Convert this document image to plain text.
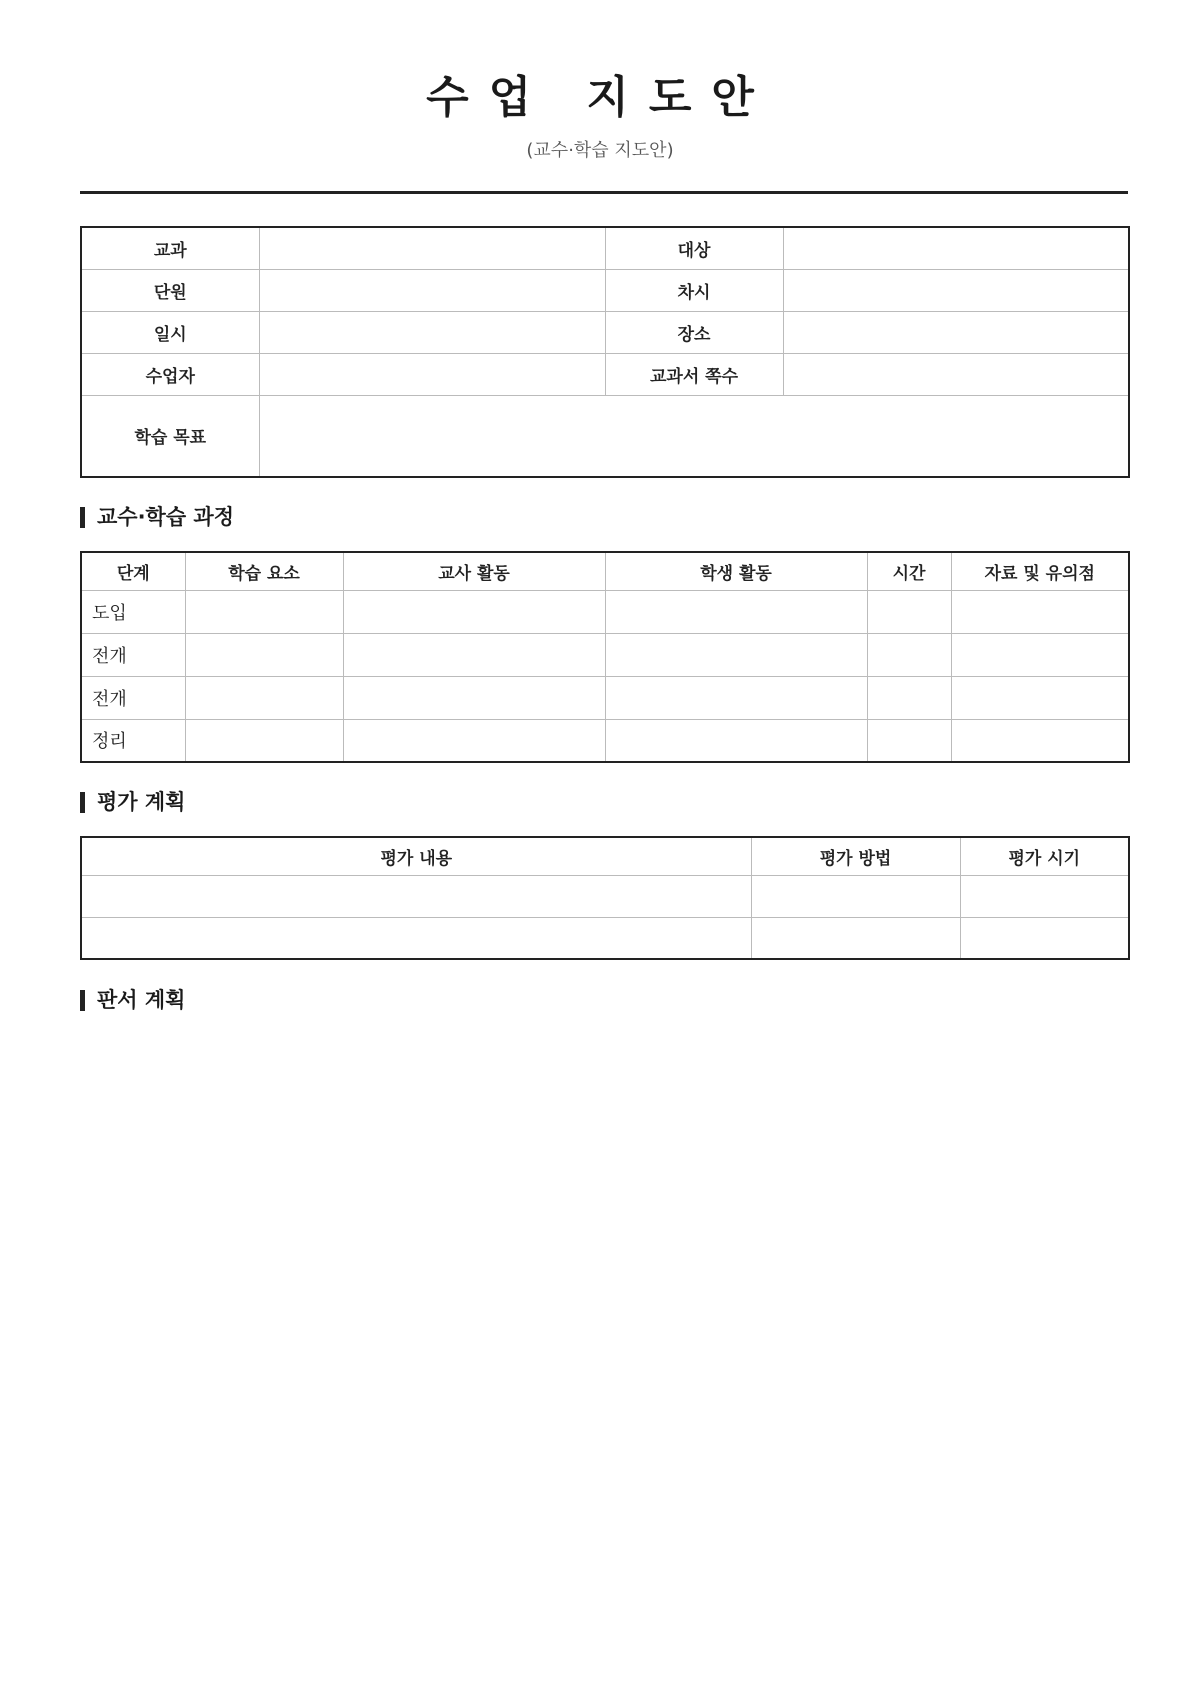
수업 지도안
(교수·학습 지도안)
교과		대상	
단원		차시	
일시		장소	
수업자		교과서 쪽수	
학습 목표			
교수·학습 과정
단계	학습 요소	교사 활동	학생 활동	시간	자료 및 유의점
도입					
전개					
전개					
정리					
평가 계획
평가 내용	평가 방법	평가 시기

판서 계획
